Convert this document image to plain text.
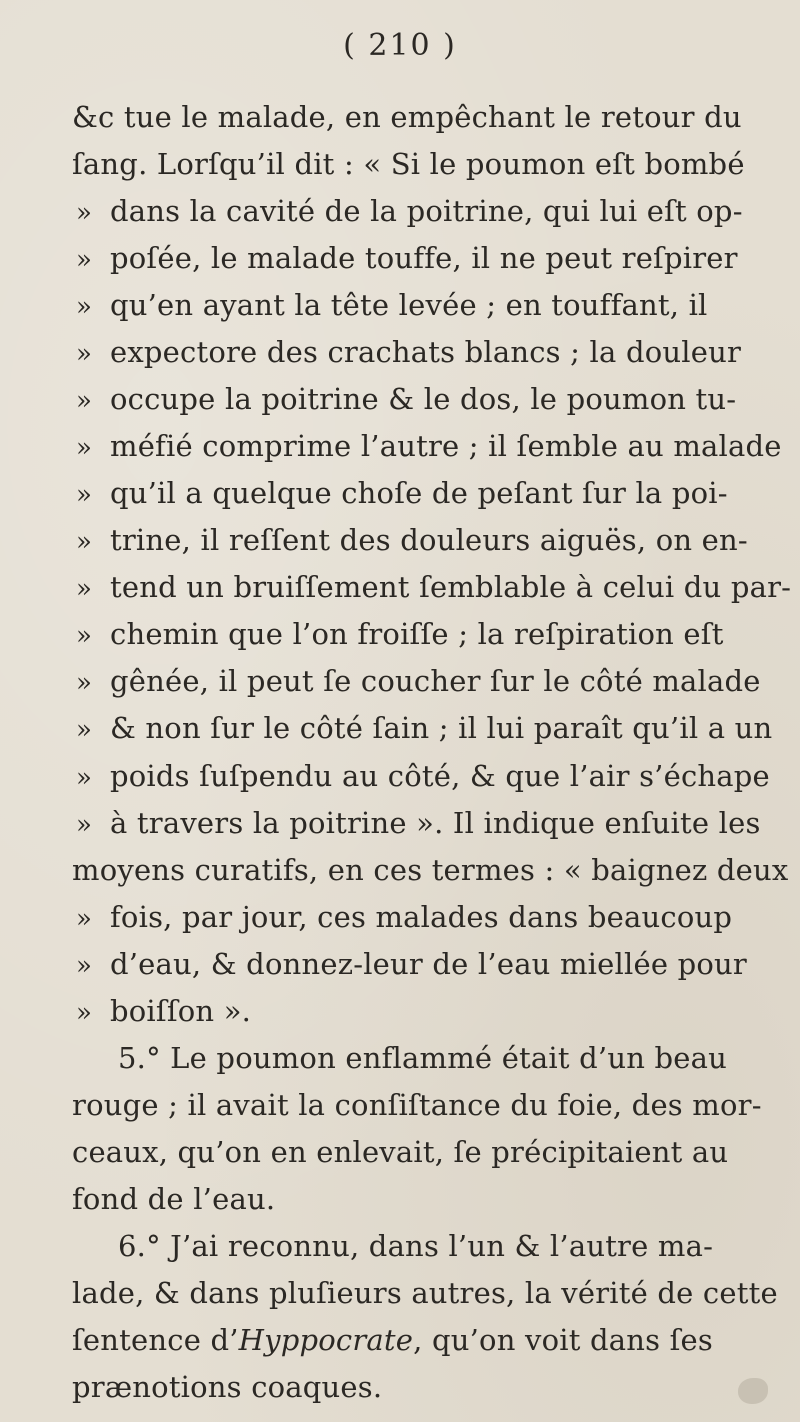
( 210 )
&c tue le malade, en empêchant le retour du
ſang. Lorſqu’il dit : « Si le poumon eſt bombé
» dans la cavité de la poitrine, qui lui eſt op-
» poſée, le malade touffe, il ne peut reſpirer
» qu’en ayant la tête levée ; en touffant, il
» expectore des crachats blancs ; la douleur
» occupe la poitrine & le dos, le poumon tu-
» méfié comprime l’autre ; il ſemble au malade
» qu’il a quelque choſe de peſant ſur la poi-
» trine, il reſſent des douleurs aiguës, on en-
» tend un bruiſſement ſemblable à celui du par-
» chemin que l’on froiſſe ; la reſpiration eſt
» gênée, il peut ſe coucher ſur le côté malade
» & non ſur le côté ſain ; il lui paraît qu’il a un
» poids ſuſpendu au côté, & que l’air s’échape
» à travers la poitrine ». Il indique enſuite les
moyens curatifs, en ces termes : « baignez deux
» fois, par jour, ces malades dans beaucoup
» d’eau, & donnez-leur de l’eau miellée pour
» boiſſon ».
5.° Le poumon enflammé était d’un beau
rouge ; il avait la conſiſtance du foie, des mor-
ceaux, qu’on en enlevait, ſe précipitaient au
fond de l’eau.
6.° J’ai reconnu, dans l’un & l’autre ma-
lade, & dans pluſieurs autres, la vérité de cette
ſentence d’Hyppocrate, qu’on voit dans ſes
prænotions coaques.
